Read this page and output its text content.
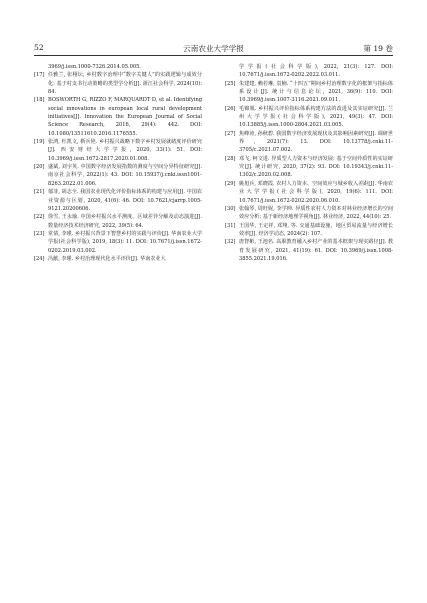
52	云南农业大学学报	第 19 卷
3969/j.issn.1000-7326.2014.05.005.
[17] 任雅兰, 张栩坛, 乡村数字治理中“数字关键人”的实践逻辑与成效分化: 基于村支书行动策略的类型学分析[J]. 浙江社会科学, 2024(10): 84.
[18] BOSWORTH G, RIZZO F, MARQUARDT D, et al. Identifying social innovations in european local rural development initiatives[J]. Innovation the European Journal of Social Science Research, 2016, 29(4): 442. DOI: 10.1080/13511610.2016.1176555.
[19] 张鸿, 杜凯文, 靳兵艳. 乡村振兴战略下数字乡村发展就绪度评价研究[J]. 西安财经大学学报, 2020, 33(1): 51. DOI: 10.3969/j.issn.1672-2817.2020.01.008.
[20] 盛斌, 刘宇英. 中国数字经济发展指数的测度与空间分异特征研究[J]. 南京社会科学, 2022(1): 43. DOI: 10.15937/j.cnki.issn1001-8263.2022.01.006.
[21] 郁菲, 胡志全. 我国农业现代化评价指标体系的构建与应用[J]. 中国农业资源与区划, 2020, 41(6): 46. DOI: 10.7621/cjarrp.1005-9121.20200606.
[22] 徐雪, 王永瑜. 中国乡村振兴水平测度、区域差异分解及动态演进[J]. 数量经济技术经济研究, 2022, 39(5): 64.
[23] 常倩, 李瑾. 乡村振兴背景下智慧乡村的实践与评价[J]. 华南农业大学学报(社会科学版), 2019, 18(3): 11. DOI: 10.7671/j.issn.1672-0202.2019.03.002.
[24] 冯献, 李瑾. 乡村治理现代化水平评价[J]. 华南农业大
学学报(社会科学版), 2022, 21(3): 127. DOI: 10.7671/j.issn.1672-0202.2022.03.011.
[25] 朱建建, 赖若琳, 袁楠. “十四五”期间乡村治理数字化的框架与指标体系设计[J]. 统计与信息论坛, 2021, 36(9): 110. DOI: 10.3969/j.issn.1007-3116.2021.09.011.
[26] 毛锦凰. 乡村振兴评价指标体系构建方法的改进及其实证研究[J]. 兰州大学学报(社会科学版), 2021, 49(3): 47. DOI: 10.13885/j.issn.1000-2804.2021.03.005.
[27] 焦峰涛, 孙秋碧. 我国数字经济发展现状及其影响因素研究[J]. 调研世界, 2021(7): 13. DOI: 10.13778/j.cnki.11-3705/c.2021.07.002.
[28] 邓飞, 柯文进. 异质型人力资本与经济发展: 基于空间异质性的实证研究[J]. 统计研究, 2020, 37(2): 93. DOI: 10.19343/j.cnki.11-1302/c.2020.02.008.
[29] 姚旭兵, 邓晓霞. 农村人力资本、空间效应与城乡收入差距[J]. 华南农业大学学报(社会科学版), 2020, 19(6): 111. DOI: 10.7671/j.issn.1672-0202.2020.06.010.
[30] 张翰琴, 周旺妮, 李学坤. 异质性农村人力资本对林业经济增长的空间效应分析: 基于新经济地理学视角[J]. 林业经济, 2022, 44(10): 25.
[31] 王国华, 王定祥, 邓翔, 等. 交通基础设施、地区贸易流量与经济增长效率[J]. 经济学动态, 2024(2): 107.
[32] 唐智彬, 王池名. 高职教育融入乡村产业的基本框架与现实路径[J]. 教育发展研究, 2021, 41(19): 61. DOI: 10.3969/j.issn.1008-3855.2021.19.016.
